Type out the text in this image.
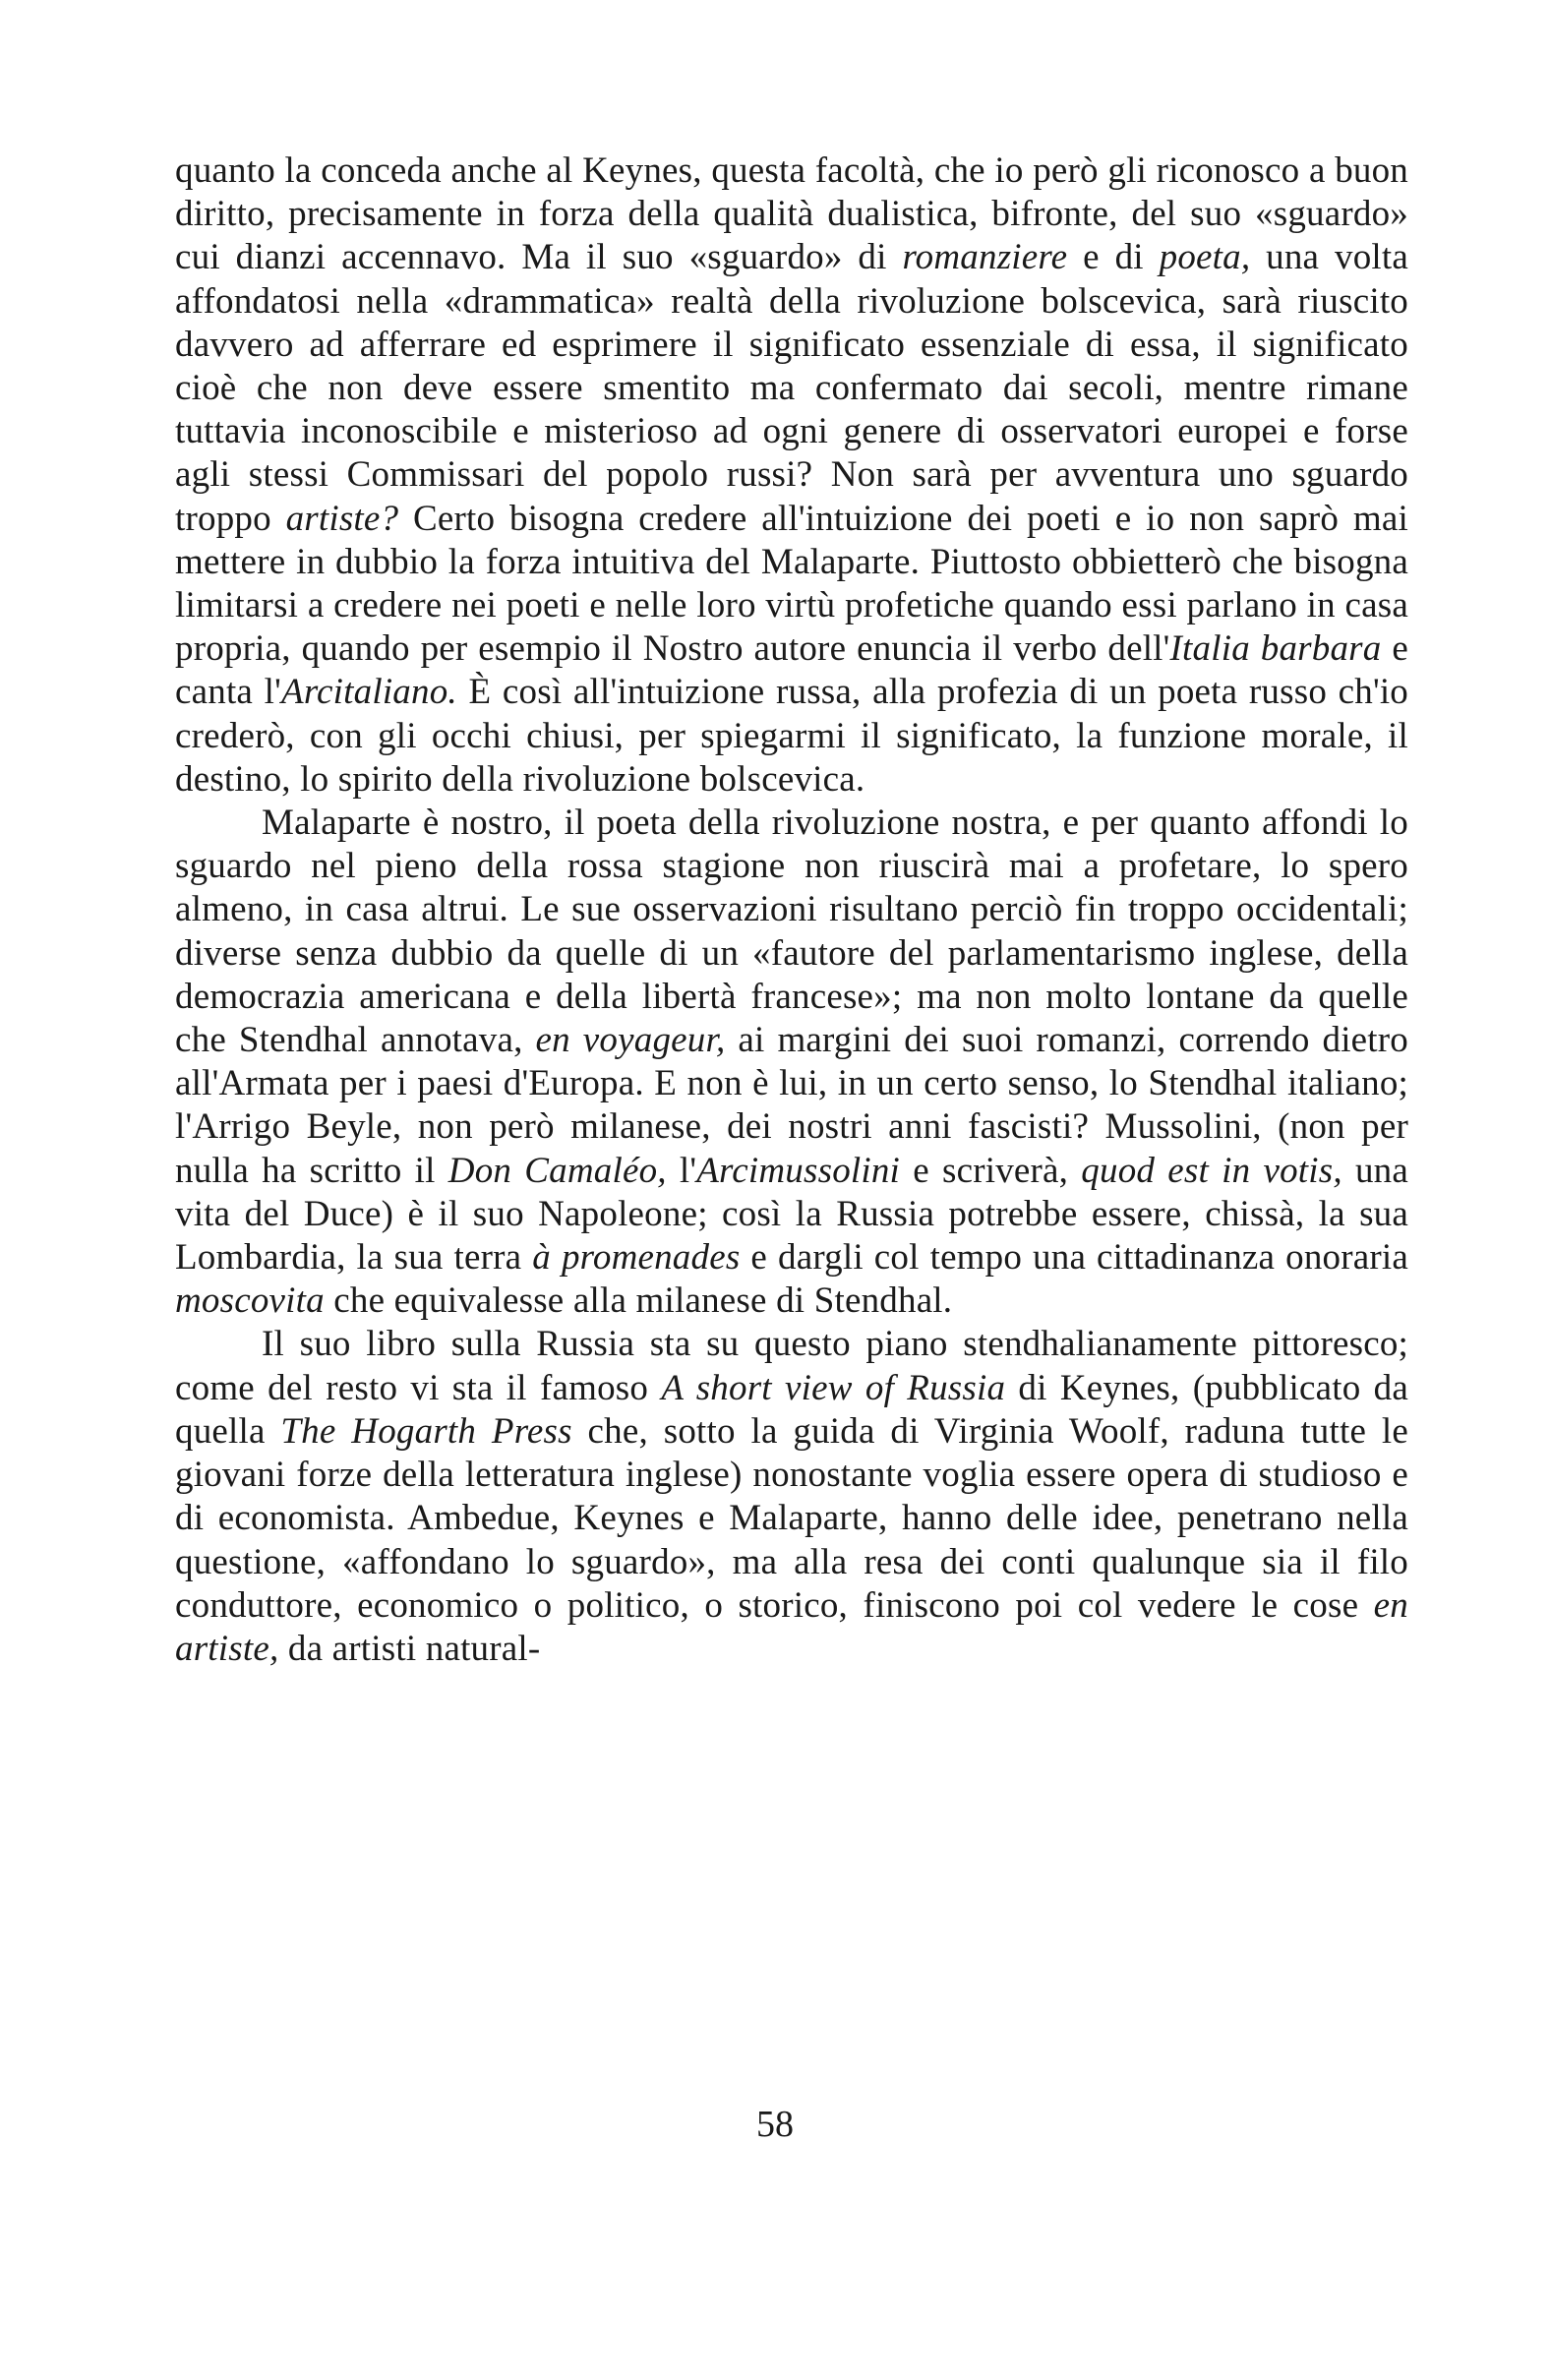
quanto la conceda anche al Keynes, questa facoltà, che io però gli riconosco a buon diritto, precisamente in forza della qualità dualistica, bifronte, del suo «sguardo» cui dianzi accennavo. Ma il suo «sguardo» di romanziere e di poeta, una volta affondatosi nella «drammatica» realtà della rivoluzione bolscevica, sarà riuscito davvero ad afferrare ed esprimere il significato essenziale di essa, il significato cioè che non deve essere smentito ma confermato dai secoli, mentre rimane tuttavia inconoscibile e misterioso ad ogni genere di osservatori europei e forse agli stessi Commissari del popolo russi? Non sarà per avventura uno sguardo troppo artiste? Certo bisogna credere all'intuizione dei poeti e io non saprò mai mettere in dubbio la forza intuitiva del Malaparte. Piuttosto obbietterò che bisogna limitarsi a credere nei poeti e nelle loro virtù profetiche quando essi parlano in casa propria, quando per esempio il Nostro autore enuncia il verbo dell'Italia barbara e canta l'Arcitaliano. È così all'intuizione russa, alla profezia di un poeta russo ch'io crederò, con gli occhi chiusi, per spiegarmi il significato, la funzione morale, il destino, lo spirito della rivoluzione bolscevica.

Malaparte è nostro, il poeta della rivoluzione nostra, e per quanto affondi lo sguardo nel pieno della rossa stagione non riuscirà mai a profetare, lo spero almeno, in casa altrui. Le sue osservazioni risultano perciò fin troppo occidentali; diverse senza dubbio da quelle di un «fautore del parlamentarismo inglese, della democrazia americana e della libertà francese»; ma non molto lontane da quelle che Stendhal annotava, en voyageur, ai margini dei suoi romanzi, correndo dietro all'Armata per i paesi d'Europa. E non è lui, in un certo senso, lo Stendhal italiano; l'Arrigo Beyle, non però milanese, dei nostri anni fascisti? Mussolini, (non per nulla ha scritto il Don Camaléo, l'Arcimussolini e scriverà, quod est in votis, una vita del Duce) è il suo Napoleone; così la Russia potrebbe essere, chissà, la sua Lombardia, la sua terra à promenades e dargli col tempo una cittadinanza onoraria moscovita che equivalesse alla milanese di Stendhal.

Il suo libro sulla Russia sta su questo piano stendhalianamente pittoresco; come del resto vi sta il famoso A short view of Russia di Keynes, (pubblicato da quella The Hogarth Press che, sotto la guida di Virginia Woolf, raduna tutte le giovani forze della letteratura inglese) nonostante voglia essere opera di studioso e di economista. Ambedue, Keynes e Malaparte, hanno delle idee, penetrano nella questione, «affondano lo sguardo», ma alla resa dei conti qualunque sia il filo conduttore, economico o politico, o storico, finiscono poi col vedere le cose en artiste, da artisti natural-

58
